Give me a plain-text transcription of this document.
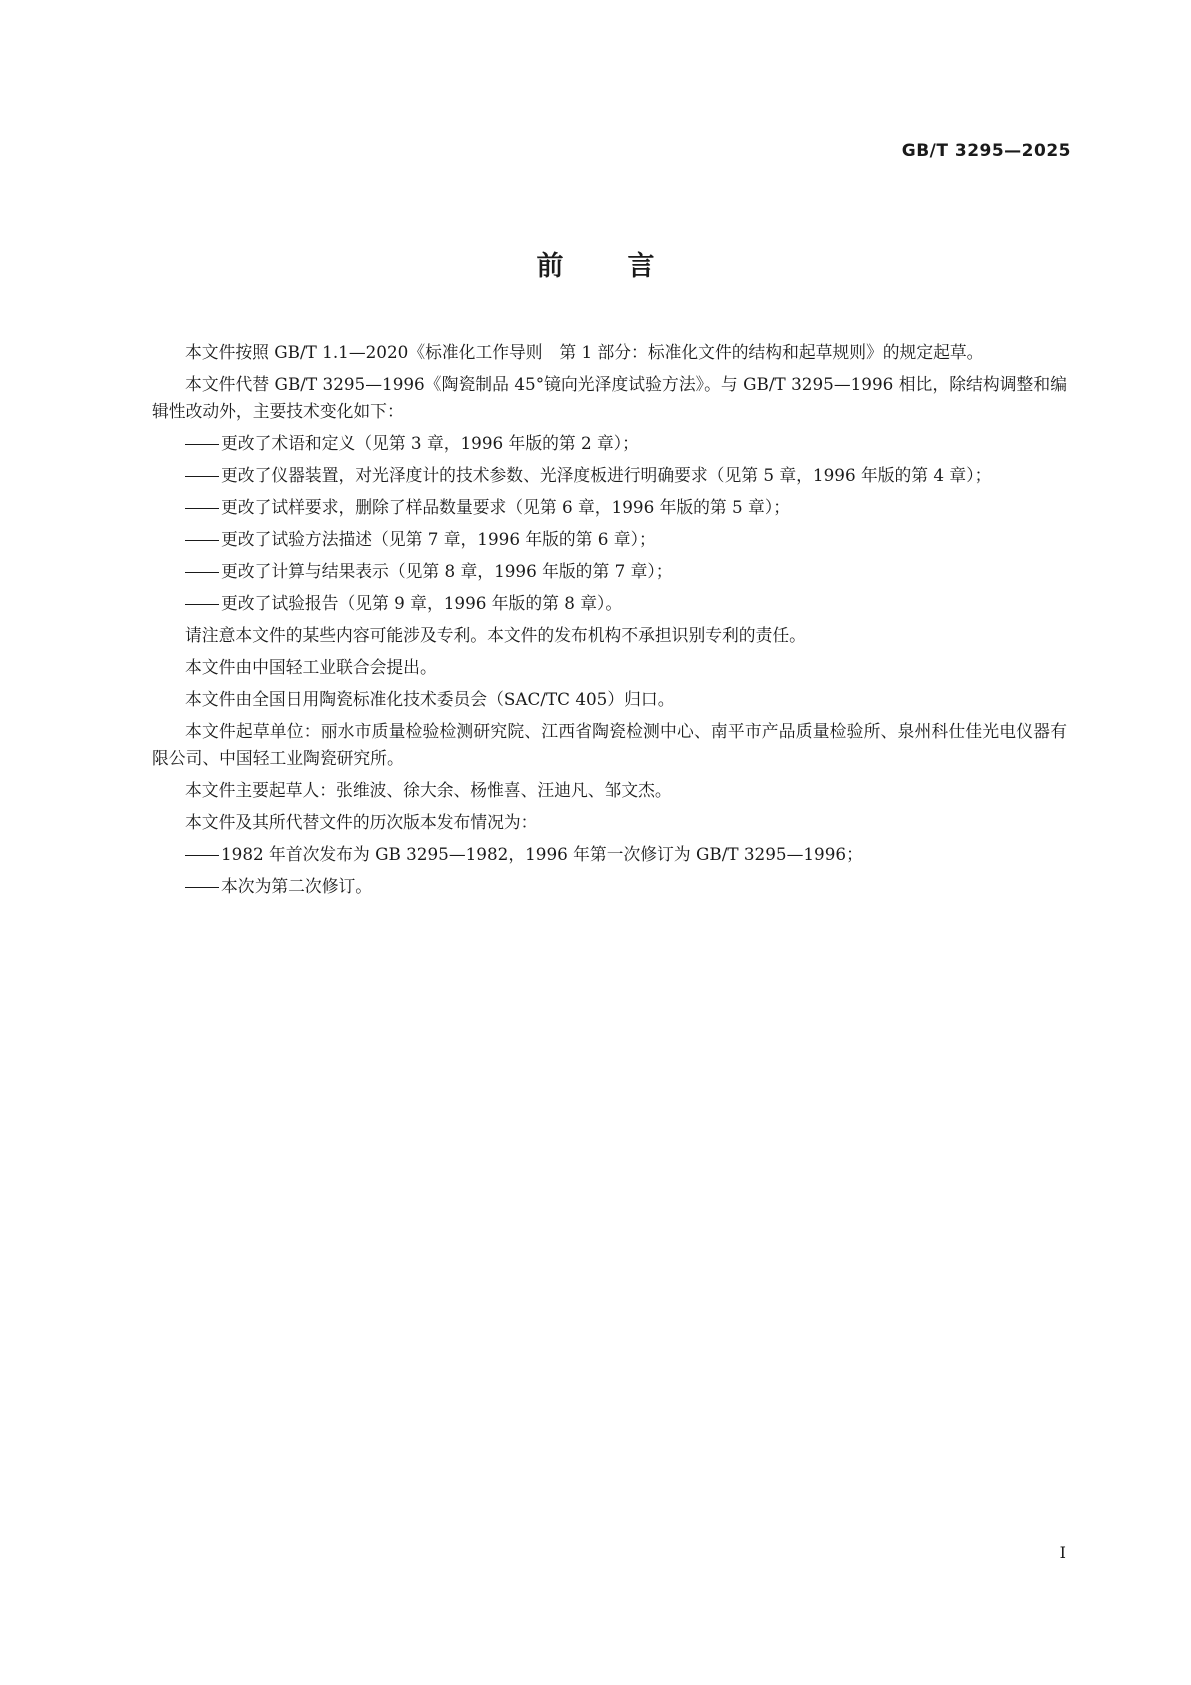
GB/T 3295—2025
前言

本文件按照 GB/T 1.1—2020《标准化工作导则　第 1 部分：标准化文件的结构和起草规则》的规定起草。

本文件代替 GB/T 3295—1996《陶瓷制品 45°镜向光泽度试验方法》。与 GB/T 3295—1996 相比，除结构调整和编辑性改动外，主要技术变化如下：

更改了术语和定义（见第 3 章，1996 年版的第 2 章）；

更改了仪器装置，对光泽度计的技术参数、光泽度板进行明确要求（见第 5 章，1996 年版的第 4 章）；

更改了试样要求，删除了样品数量要求（见第 6 章，1996 年版的第 5 章）；

更改了试验方法描述（见第 7 章，1996 年版的第 6 章）；

更改了计算与结果表示（见第 8 章，1996 年版的第 7 章）；

更改了试验报告（见第 9 章，1996 年版的第 8 章）。

请注意本文件的某些内容可能涉及专利。本文件的发布机构不承担识别专利的责任。

本文件由中国轻工业联合会提出。

本文件由全国日用陶瓷标准化技术委员会（SAC/TC 405）归口。

本文件起草单位：丽水市质量检验检测研究院、江西省陶瓷检测中心、南平市产品质量检验所、泉州科仕佳光电仪器有限公司、中国轻工业陶瓷研究所。

本文件主要起草人：张维波、徐大余、杨惟喜、汪迪凡、邹文杰。

本文件及其所代替文件的历次版本发布情况为：

1982 年首次发布为 GB 3295—1982，1996 年第一次修订为 GB/T 3295—1996；

本次为第二次修订。

I
